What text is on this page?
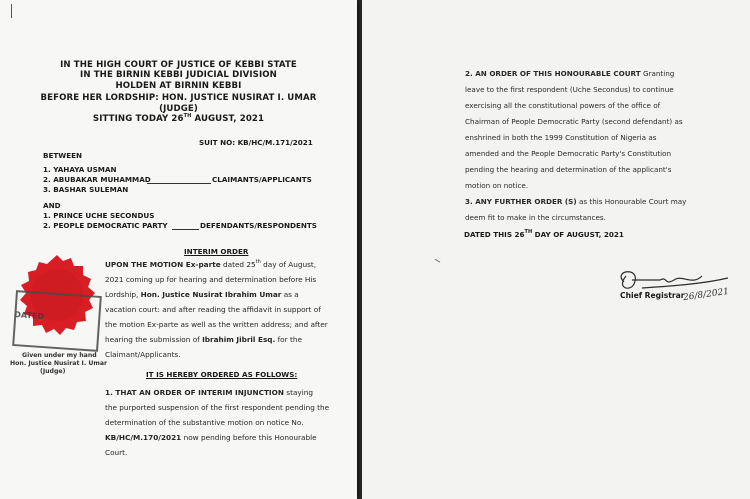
IN THE HIGH COURT OF JUSTICE OF KEBBI STATE
IN THE BIRNIN KEBBI JUDICIAL DIVISION
HOLDEN AT BIRNIN KEBBI
BEFORE HER LORDSHIP: HON. JUSTICE NUSIRAT I. UMAR
(JUDGE)
SITTING TODAY 26TH AUGUST, 2021
SUIT NO: KB/HC/M.171/2021
BETWEEN
1. YAHAYA USMAN
2. ABUBAKAR MUHAMMAD
3. BASHAR SULEMAN
CLAIMANTS/APPLICANTS
AND
1. PRINCE UCHE SECONDUS
2. PEOPLE DEMOCRATIC PARTY	DEFENDANTS/RESPONDENTS
INTERIM ORDER
DATED
Given under my hand
Hon. Justice Nusirat I. Umar
(Judge)
UPON THE MOTION Ex-parte dated 25th day of August,
2021 coming up for hearing and determination before His
Lordship, Hon. Justice Nusirat Ibrahim Umar as a
vacation court: and after reading the affidavit in support of
the motion Ex-parte as well as the written address; and after
hearing the submission of Ibrahim Jibril Esq. for the
Claimant/Applicants.
IT IS HEREBY ORDERED AS FOLLOWS:
1. THAT AN ORDER OF INTERIM INJUNCTION staying
the purported suspension of the first respondent pending the
determination of the substantive motion on notice No.
KB/HC/M.170/2021 now pending before this Honourable
Court.
2. AN ORDER OF THIS HONOURABLE COURT Granting
leave to the first respondent (Uche Secondus) to continue
exercising all the constitutional powers of the office of
Chairman of People Democratic Party (second defendant) as
enshrined in both the 1999 Constitution of Nigeria as
amended and the People Democratic Party's Constitution
pending the hearing and determination of the applicant's
motion on notice.
3. ANY FURTHER ORDER (S) as this Honourable Court may
deem fit to make in the circumstances.
DATED THIS 26TH DAY OF AUGUST, 2021
Chief Registrar
26/8/2021
